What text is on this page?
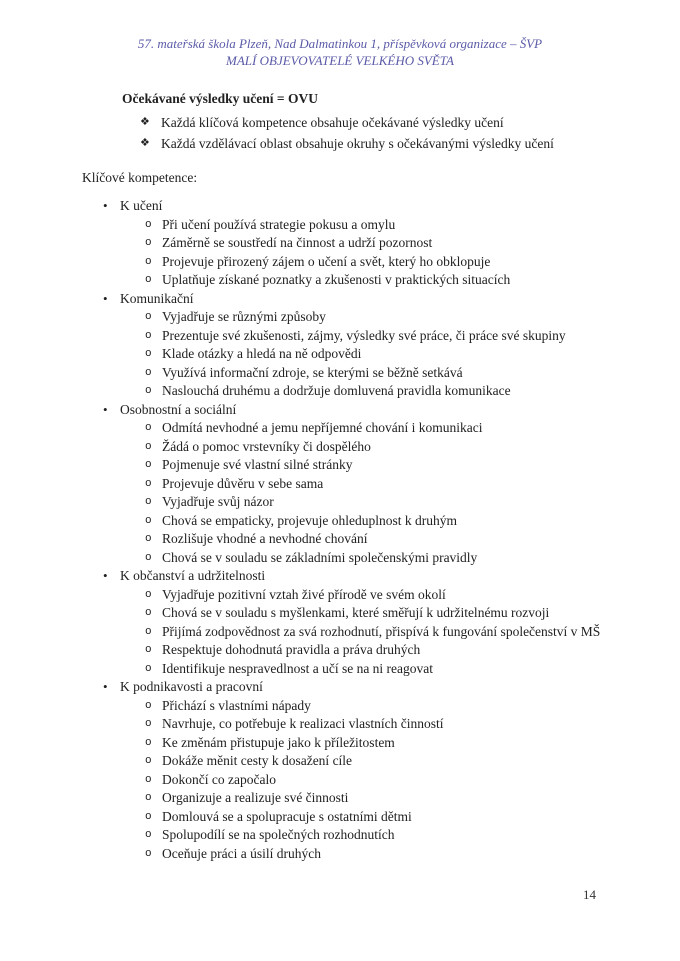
57. mateřská škola Plzeň, Nad Dalmatinkou 1, příspěvková organizace – ŠVP
MALÍ OBJEVOVATELÉ VELKÉHO SVĚTA
Očekávané výsledky učení = OVU
❖ Každá klíčová kompetence obsahuje očekávané výsledky učení
❖ Každá vzdělávací oblast obsahuje okruhy s očekávanými výsledky učení
Klíčové kompetence:
• K učení
o Při učení používá strategie pokusu a omylu
o Záměrně se soustředí na činnost a udrží pozornost
o Projevuje přirozený zájem o učení a svět, který ho obklopuje
o Uplatňuje získané poznatky a zkušenosti v praktických situacích
• Komunikační
o Vyjadřuje se různými způsoby
o Prezentuje své zkušenosti, zájmy, výsledky své práce, či práce své skupiny
o Klade otázky a hledá na ně odpovědi
o Využívá informační zdroje, se kterými se běžně setkává
o Naslouchá druhému a dodržuje domluvená pravidla komunikace
• Osobnostní a sociální
o Odmítá nevhodné a jemu nepříjemné chování i komunikaci
o Žádá o pomoc vrstevníky či dospělého
o Pojmenuje své vlastní silné stránky
o Projevuje důvěru v sebe sama
o Vyjadřuje svůj názor
o Chová se empaticky, projevuje ohleduplnost k druhým
o Rozlišuje vhodné a nevhodné chování
o Chová se v souladu se základními společenskými pravidly
• K občanství a udržitelnosti
o Vyjadřuje pozitivní vztah živé přírodě ve svém okolí
o Chová se v souladu s myšlenkami, které směřují k udržitelnému rozvoji
o Přijímá zodpovědnost za svá rozhodnutí, přispívá k fungování společenství v MŠ
o Respektuje dohodnutá pravidla a práva druhých
o Identifikuje nespravedlnost a učí se na ni reagovat
• K podnikavosti a pracovní
o Přichází s vlastními nápady
o Navrhuje, co potřebuje k realizaci vlastních činností
o Ke změnám přistupuje jako k příležitostem
o Dokáže měnit cesty k dosažení cíle
o Dokončí co započalo
o Organizuje a realizuje své činnosti
o Domlouvá se a spolupracuje s ostatními dětmi
o Spolupodílí se na společných rozhodnutích
o Oceňuje práci a úsilí druhých
14
